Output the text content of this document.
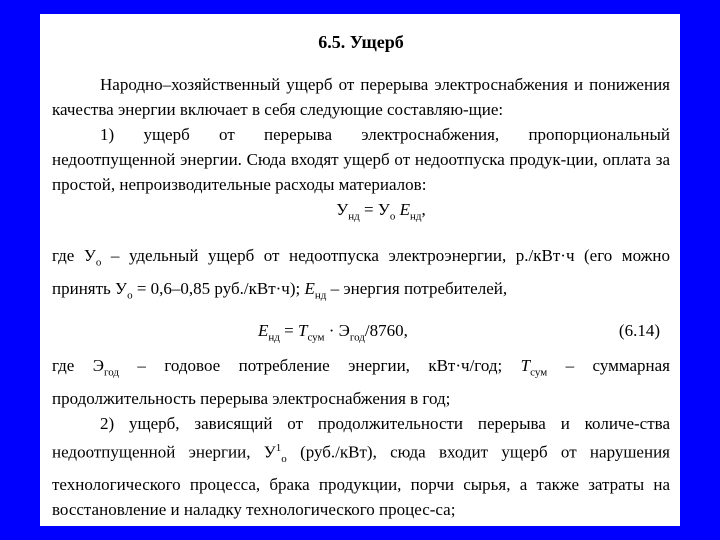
6.5. Ущерб

Народно–хозяйственный ущерб от перерыва электроснабжения и понижения качества энергии включает в себя следующие составляю-щие:

1) ущерб от перерыва электроснабжения, пропорциональный недоотпущенной энергии. Сюда входят ущерб от недоотпуска продук-ции, оплата за простой, непроизводительные расходы материалов:

$У_{нд} = У_о$ $E_{нд}$,

где $У_о$ – удельный ущерб от недоотпуска электроэнергии, р./кВт·ч (его можно принять $У_о = 0,6-0,85$ руб./кВт·ч); $E_{нд}$ – энергия потребителей,

$E_{нд} = T_{сум} \cdot Э_{год}/8760$,	(6.14)

где $Э_{год}$ – годовое потребление энергии, кВт·ч/год; $T_{сум}$ – суммарная продолжительность перерыва электроснабжения в год;

2) ущерб, зависящий от продолжительности перерыва и количе-ства недоотпущенной энергии, $У^1_о$ (руб./кВт), сюда входит ущерб от нарушения технологического процесса, брака продукции, порчи сырья, а также затраты на восстановление и наладку технологического процес-са;
